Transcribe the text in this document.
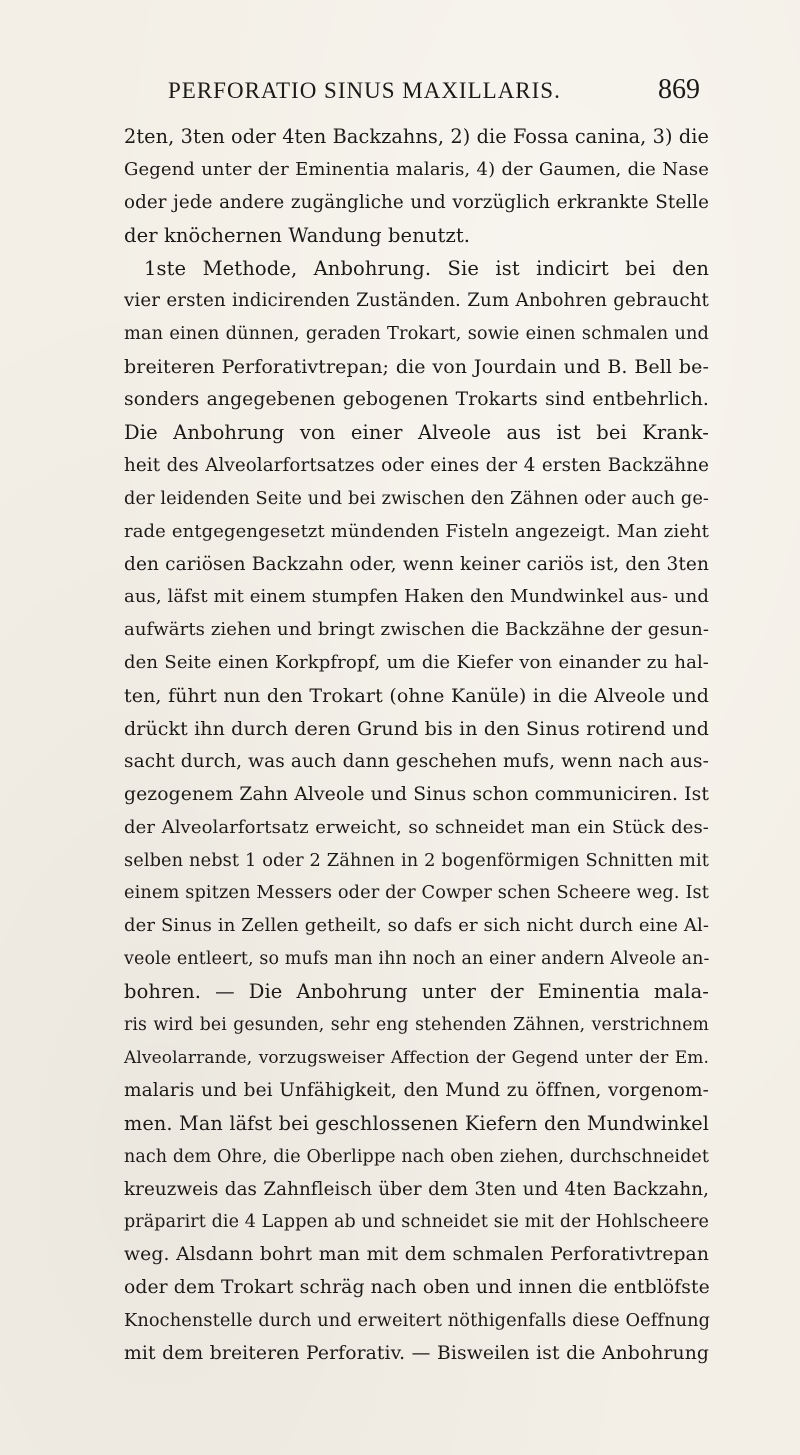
PERFORATIO SINUS MAXILLARIS.	869
2ten, 3ten oder 4ten Backzahns, 2) die Fossa canina, 3) die
Gegend unter der Eminentia malaris, 4) der Gaumen, die Nase
oder jede andere zugängliche und vorzüglich erkrankte Stelle
der knöchernen Wandung benutzt.
1ste Methode, Anbohrung. Sie ist indicirt bei den
vier ersten indicirenden Zuständen. Zum Anbohren gebraucht
man einen dünnen, geraden Trokart, sowie einen schmalen und
breiteren Perforativtrepan; die von Jourdain und B. Bell be-
sonders angegebenen gebogenen Trokarts sind entbehrlich.
Die Anbohrung von einer Alveole aus ist bei Krank-
heit des Alveolarfortsatzes oder eines der 4 ersten Backzähne
der leidenden Seite und bei zwischen den Zähnen oder auch ge-
rade entgegengesetzt mündenden Fisteln angezeigt. Man zieht
den cariösen Backzahn oder, wenn keiner cariös ist, den 3ten
aus, läfst mit einem stumpfen Haken den Mundwinkel aus- und
aufwärts ziehen und bringt zwischen die Backzähne der gesun-
den Seite einen Korkpfropf, um die Kiefer von einander zu hal-
ten, führt nun den Trokart (ohne Kanüle) in die Alveole und
drückt ihn durch deren Grund bis in den Sinus rotirend und
sacht durch, was auch dann geschehen mufs, wenn nach aus-
gezogenem Zahn Alveole und Sinus schon communiciren. Ist
der Alveolarfortsatz erweicht, so schneidet man ein Stück des-
selben nebst 1 oder 2 Zähnen in 2 bogenförmigen Schnitten mit
einem spitzen Messers oder der Cowper schen Scheere weg. Ist
der Sinus in Zellen getheilt, so dafs er sich nicht durch eine Al-
veole entleert, so mufs man ihn noch an einer andern Alveole an-
bohren. — Die Anbohrung unter der Eminentia mala-
ris wird bei gesunden, sehr eng stehenden Zähnen, verstrichnem
Alveolarrande, vorzugsweiser Affection der Gegend unter der Em.
malaris und bei Unfähigkeit, den Mund zu öffnen, vorgenom-
men. Man läfst bei geschlossenen Kiefern den Mundwinkel
nach dem Ohre, die Oberlippe nach oben ziehen, durchschneidet
kreuzweis das Zahnfleisch über dem 3ten und 4ten Backzahn,
präparirt die 4 Lappen ab und schneidet sie mit der Hohlscheere
weg. Alsdann bohrt man mit dem schmalen Perforativtrepan
oder dem Trokart schräg nach oben und innen die entblöfste
Knochenstelle durch und erweitert nöthigenfalls diese Oeffnung
mit dem breiteren Perforativ. — Bisweilen ist die Anbohrung
